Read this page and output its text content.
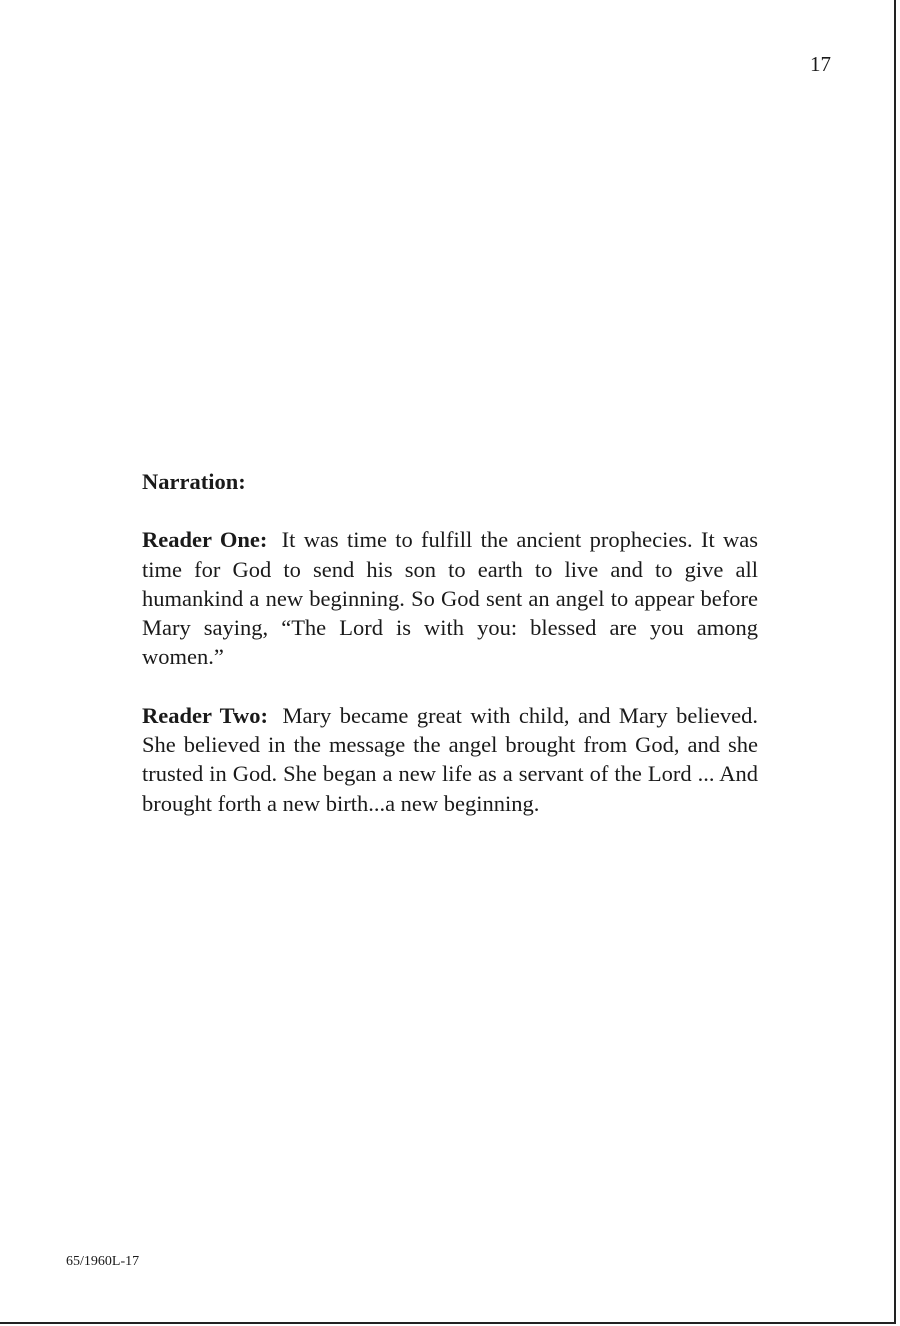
17

Narration:

Reader One: It was time to fulfill the ancient prophecies. It was time for God to send his son to earth to live and to give all humankind a new beginning. So God sent an angel to appear before Mary saying, “The Lord is with you: blessed are you among women.”

Reader Two: Mary became great with child, and Mary believed. She believed in the message the angel brought from God, and she trusted in God. She began a new life as a servant of the Lord ... And brought forth a new birth...a new beginning.

65/1960L-17
